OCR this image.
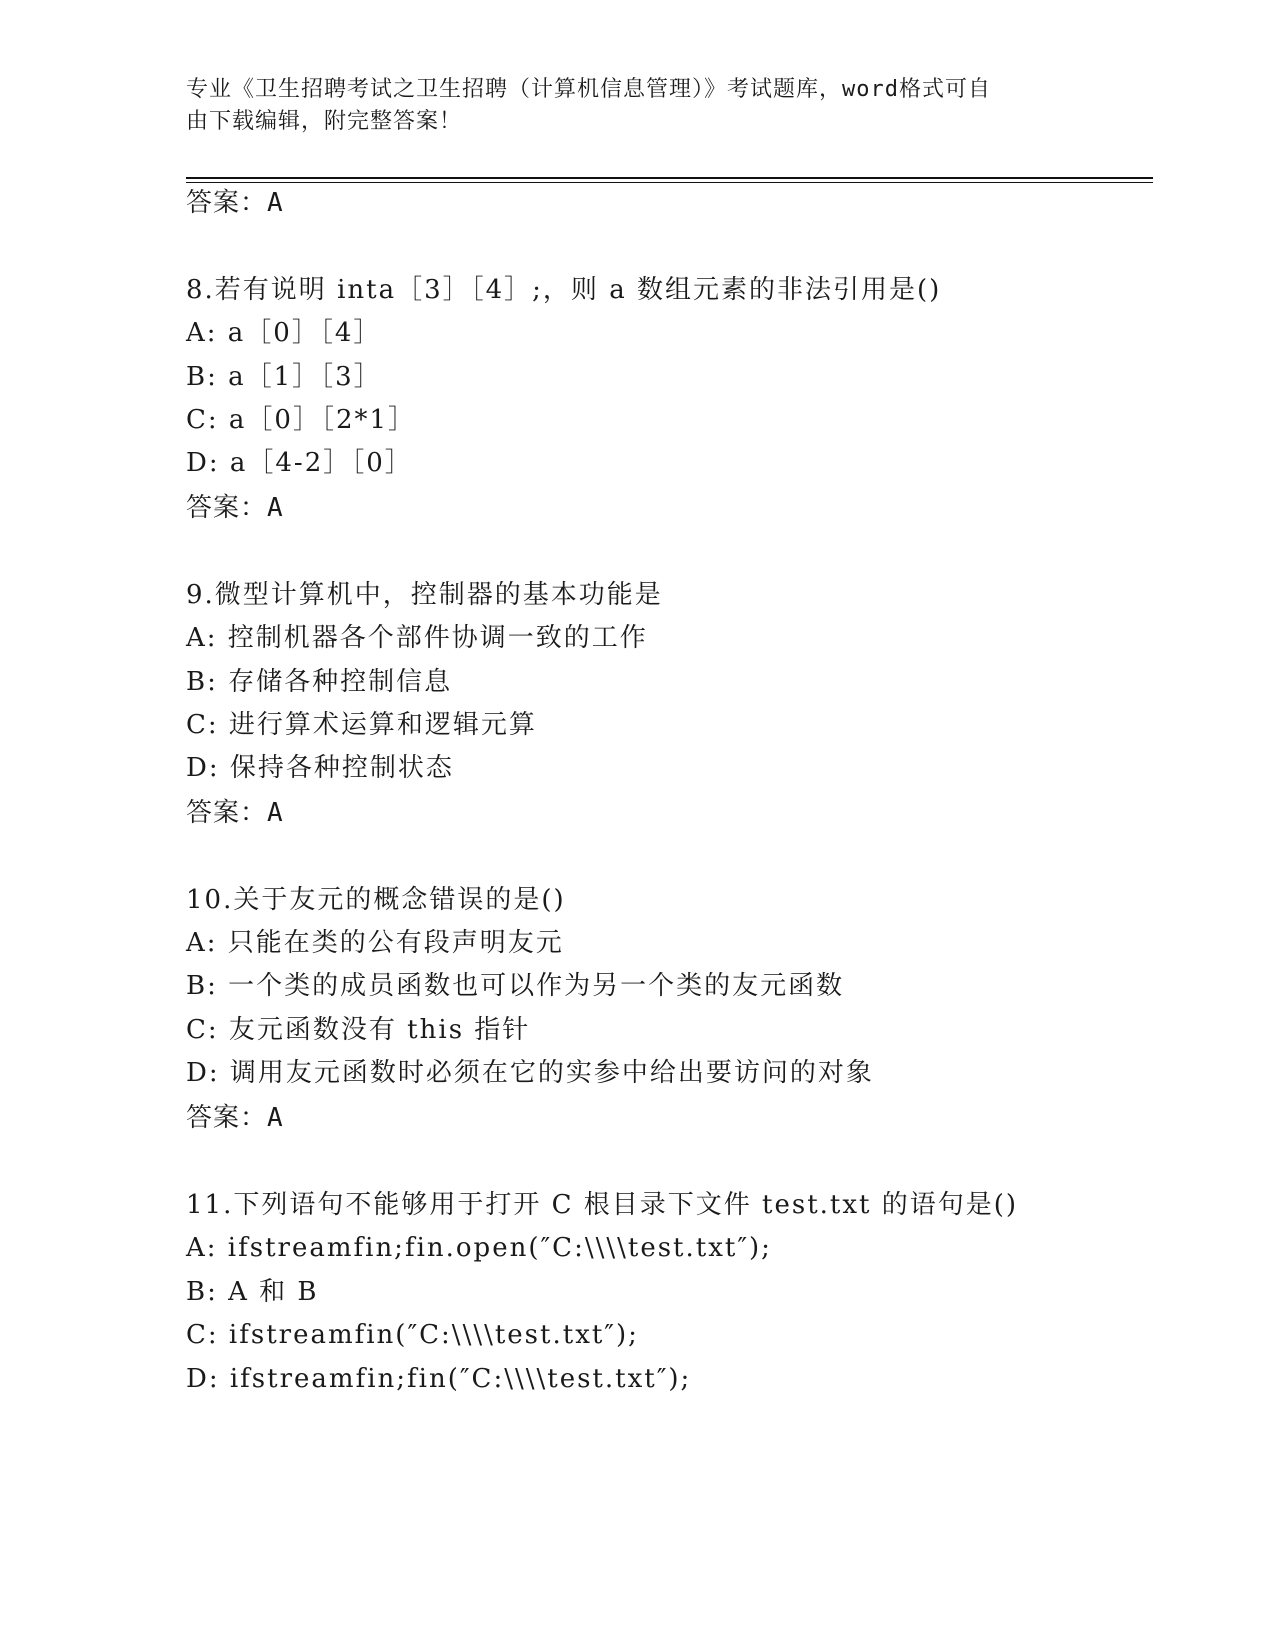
专业《卫生招聘考试之卫生招聘（计算机信息管理）》考试题库，word格式可自
由下载编辑，附完整答案！
答案：A
8.若有说明 inta［3］［4］;，则 a 数组元素的非法引用是()
A: a［0］［4］
B: a［1］［3］
C: a［0］［2*1］
D: a［4-2］［0］
答案：A
9.微型计算机中，控制器的基本功能是
A: 控制机器各个部件协调一致的工作
B: 存储各种控制信息
C: 进行算术运算和逻辑元算
D: 保持各种控制状态
答案：A
10.关于友元的概念错误的是()
A: 只能在类的公有段声明友元
B: 一个类的成员函数也可以作为另一个类的友元函数
C: 友元函数没有 this 指针
D: 调用友元函数时必须在它的实参中给出要访问的对象
答案：A
11.下列语句不能够用于打开 C 根目录下文件 test.txt 的语句是()
A: ifstreamfin;fin.open(″C:\\\\test.txt″);
B: A 和 B
C: ifstreamfin(″C:\\\\test.txt″);
D: ifstreamfin;fin(″C:\\\\test.txt″);
